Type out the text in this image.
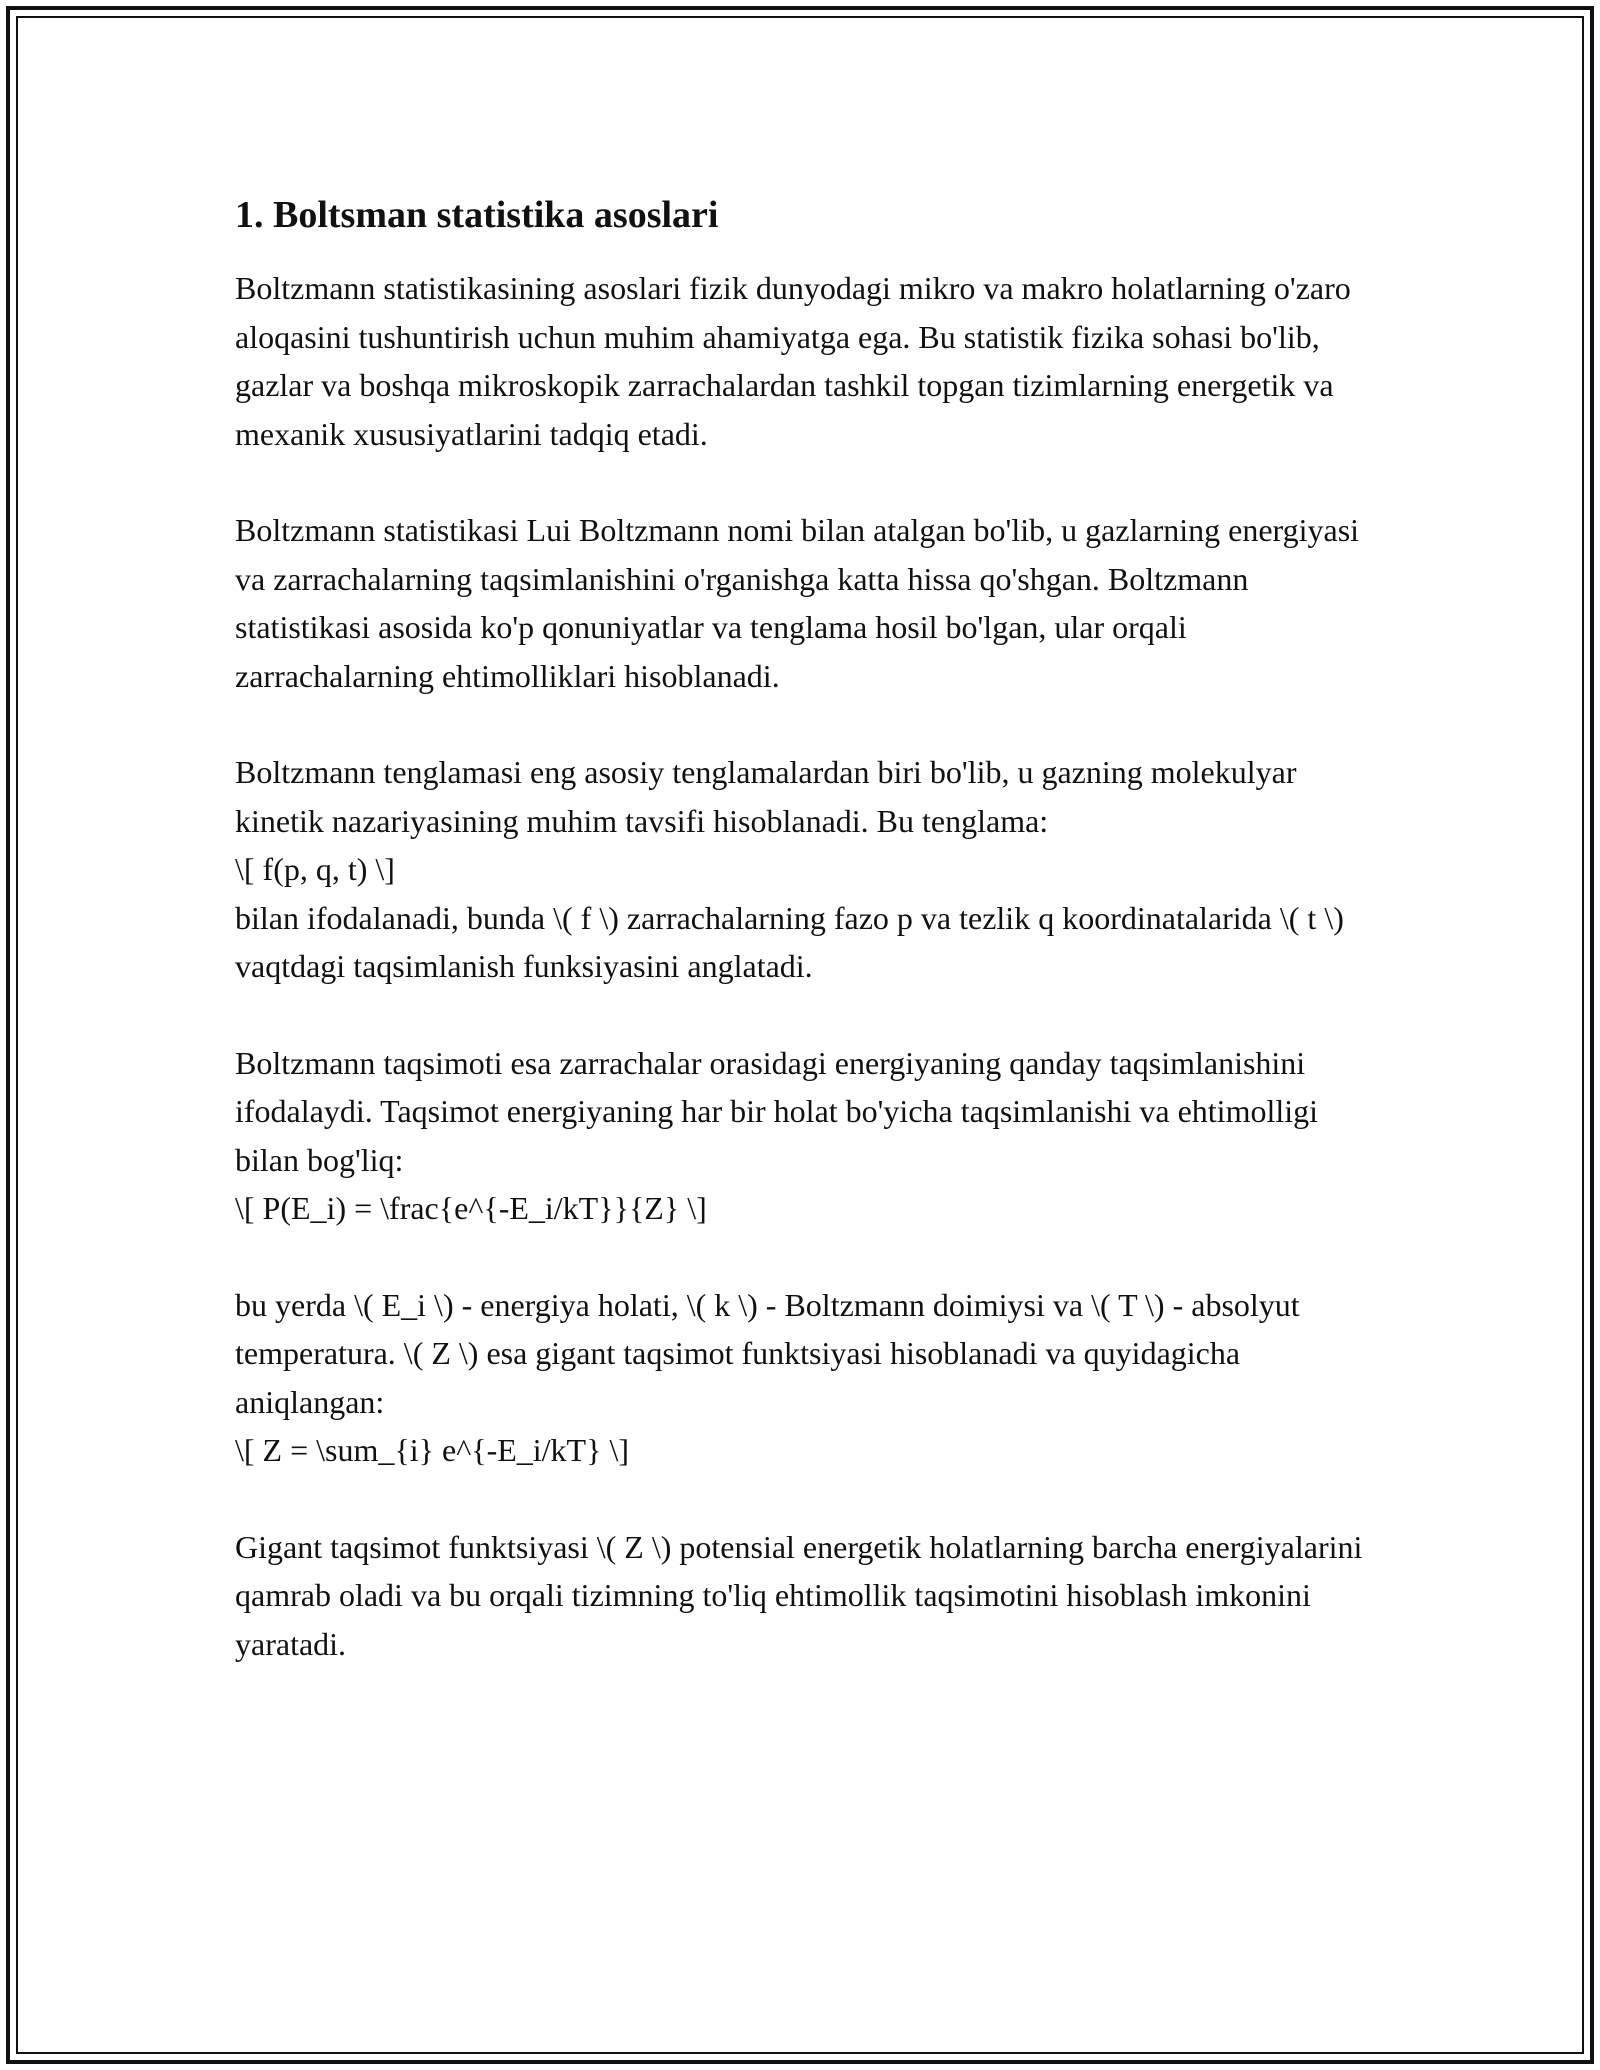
1. Boltsman statistika asoslari

Boltzmann statistikasining asoslari fizik dunyodagi mikro va makro holatlarning o'zaro aloqasini tushuntirish uchun muhim ahamiyatga ega. Bu statistik fizika sohasi bo'lib, gazlar va boshqa mikroskopik zarrachalardan tashkil topgan tizimlarning energetik va mexanik xususiyatlarini tadqiq etadi.

Boltzmann statistikasi Lui Boltzmann nomi bilan atalgan bo'lib, u gazlarning energiyasi va zarrachalarning taqsimlanishini o'rganishga katta hissa qo'shgan. Boltzmann statistikasi asosida ko'p qonuniyatlar va tenglama hosil bo'lgan, ular orqali zarrachalarning ehtimolliklari hisoblanadi.

Boltzmann tenglamasi eng asosiy tenglamalardan biri bo'lib, u gazning molekulyar kinetik nazariyasining muhim tavsifi hisoblanadi. Bu tenglama:

\[ f(p, q, t) \]

bilan ifodalanadi, bunda \( f \) zarrachalarning fazo p va tezlik q koordinatalarida \( t \) vaqtdagi taqsimlanish funksiyasini anglatadi.

Boltzmann taqsimoti esa zarrachalar orasidagi energiyaning qanday taqsimlanishini ifodalaydi. Taqsimot energiyaning har bir holat bo'yicha taqsimlanishi va ehtimolligi bilan bog'liq:

\[ P(E_i) = \frac{e^{-E_i/kT}}{Z} \]

bu yerda \( E_i \) - energiya holati, \( k \) - Boltzmann doimiysi va \( T \) - absolyut temperatura. \( Z \) esa gigant taqsimot funktsiyasi hisoblanadi va quyidagicha aniqlangan:

\[ Z = \sum_{i} e^{-E_i/kT} \]

Gigant taqsimot funktsiyasi \( Z \) potensial energetik holatlarning barcha energiyalarini qamrab oladi va bu orqali tizimning to'liq ehtimollik taqsimotini hisoblash imkonini yaratadi.
